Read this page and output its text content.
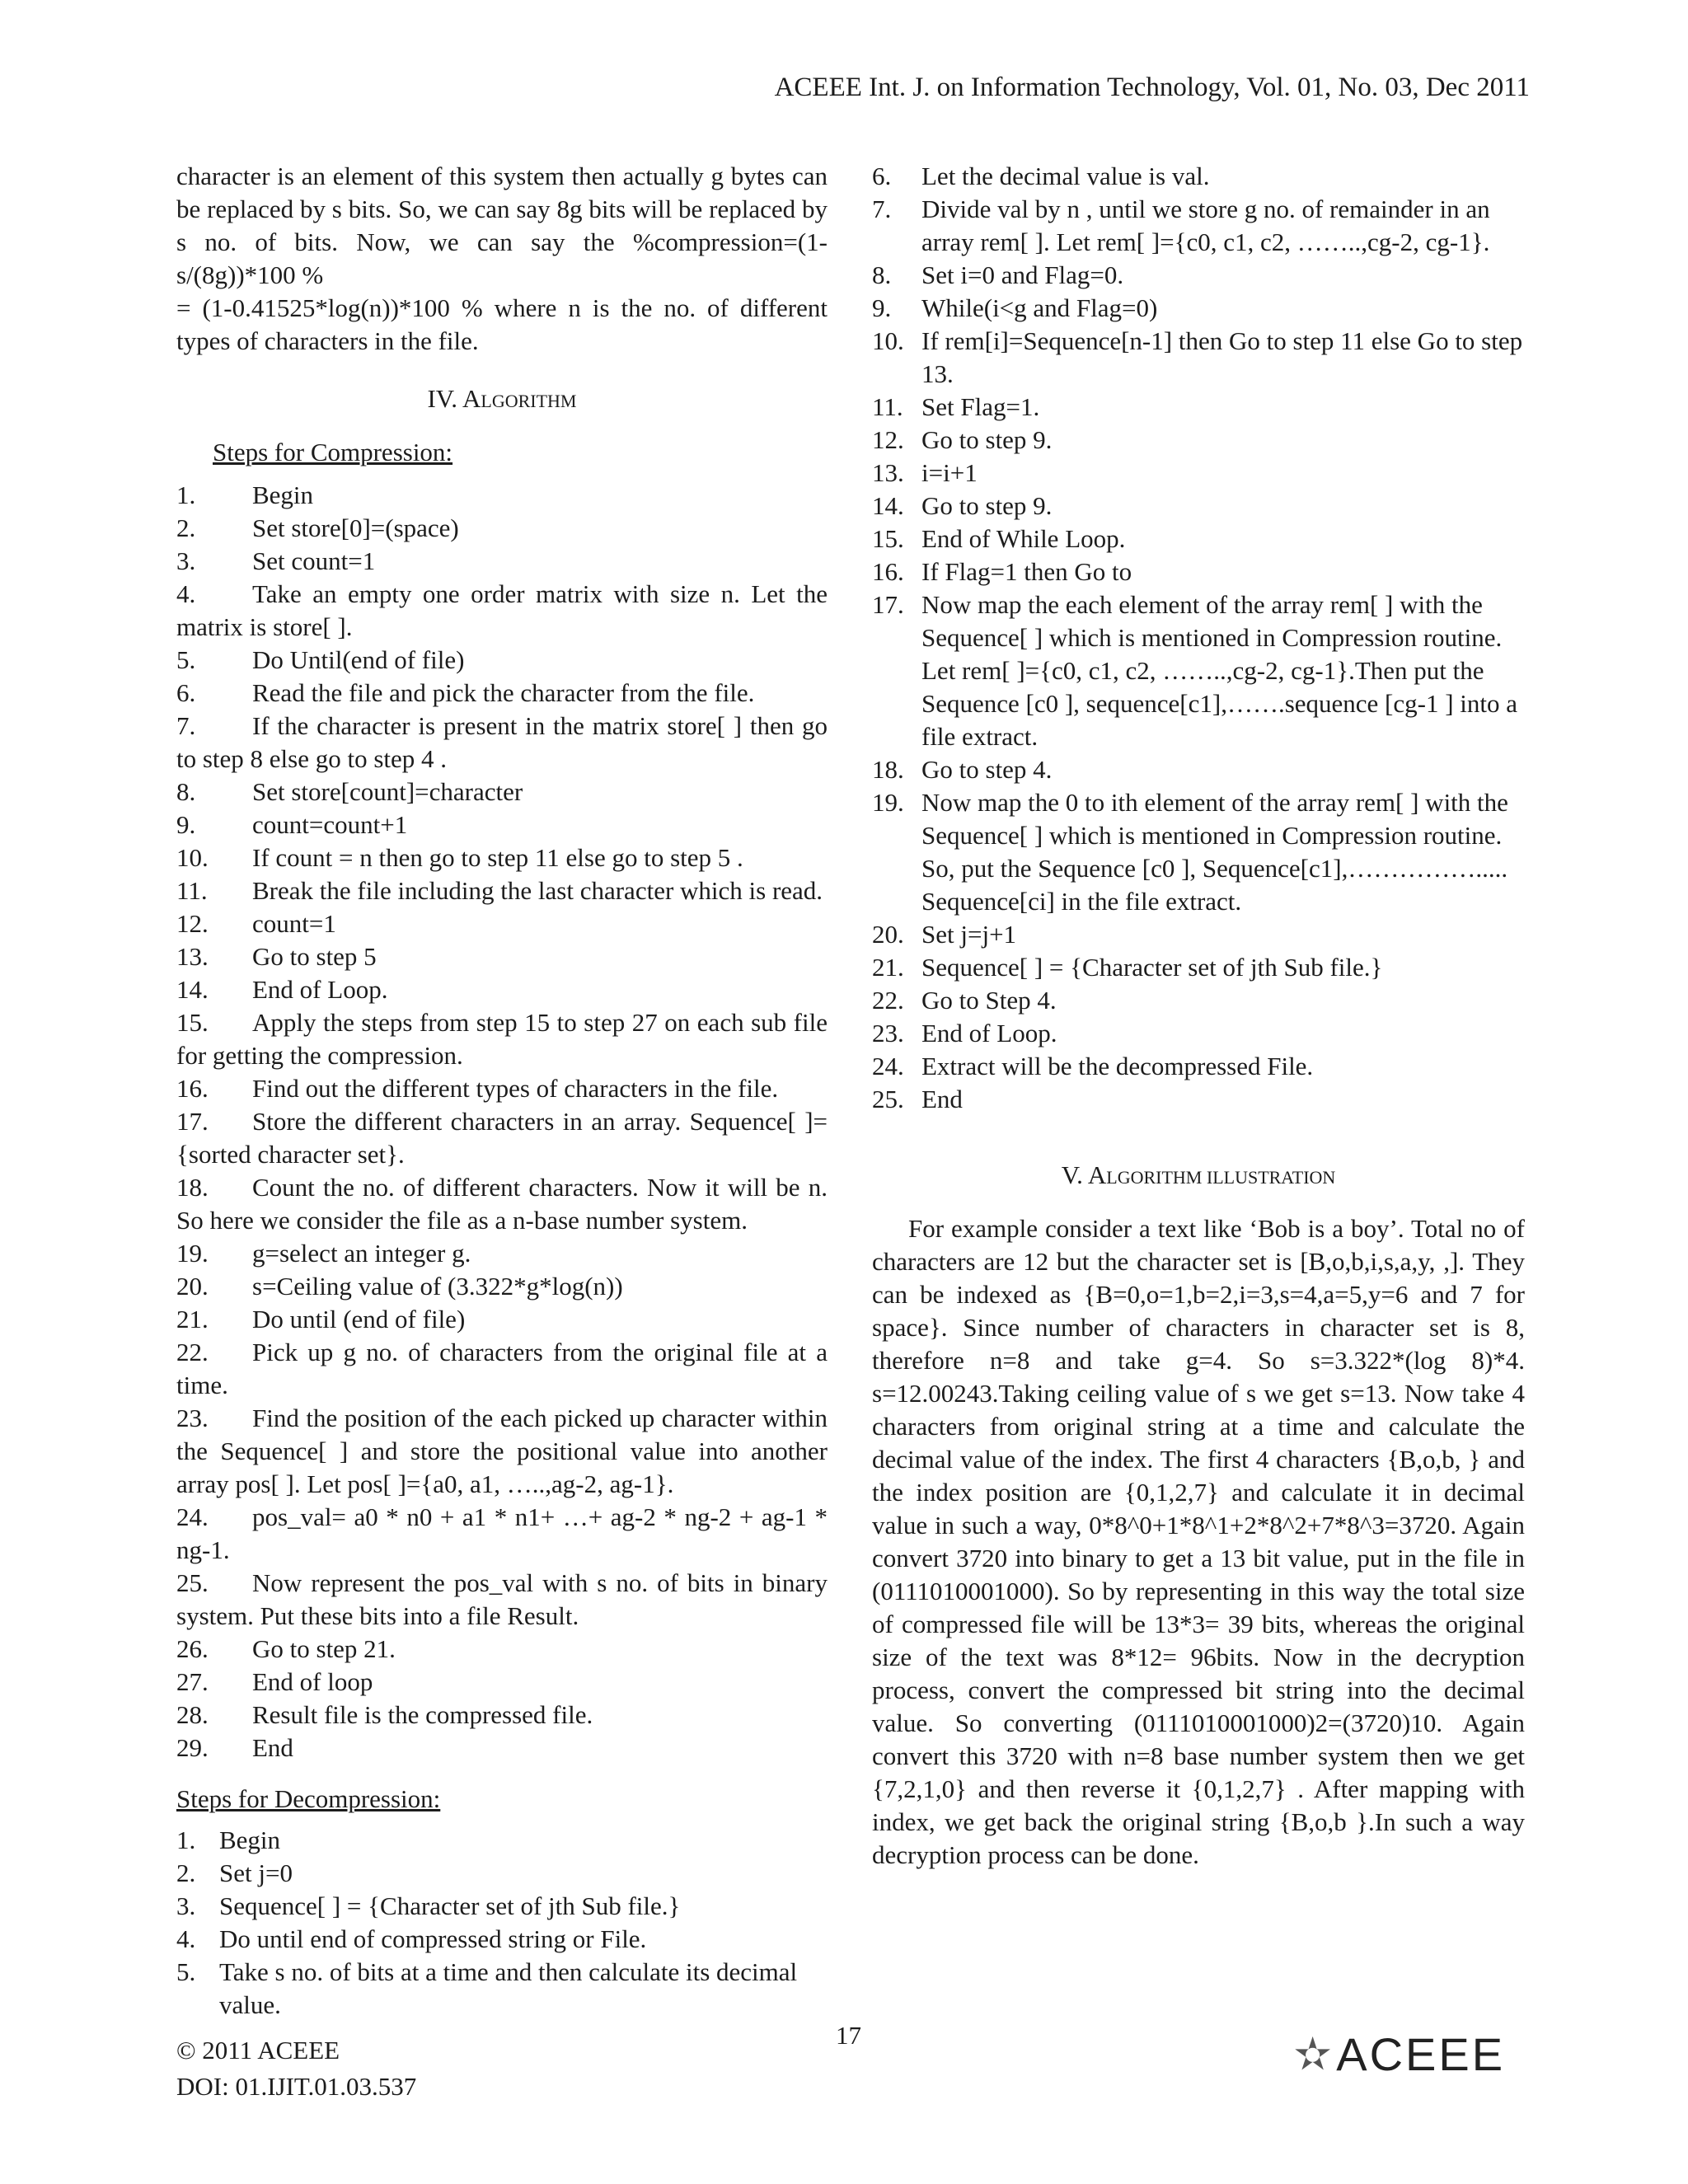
ACEEE Int. J. on Information Technology, Vol. 01, No. 03, Dec 2011

character is an element of this system then actually g bytes can be replaced by s bits. So, we can say 8g bits will be replaced by s no. of bits. Now, we can say the %compression=(1-s/(8g))*100 %

= (1-0.41525*log(n))*100 % where n is the no. of different types of characters in the file.

IV. ALGORITHM

Steps for Compression:

1.	Begin
2.	Set store[0]=(space)
3.	Set count=1
4. Take an empty one order matrix with size n. Let the matrix is store[ ].
5.	Do Until(end of file)
6.	Read the file and pick the character from the file.
7. If the character is present in the matrix store[ ] then go to step 8 else go to step 4 .
8.	Set store[count]=character
9.	count=count+1
10.	If count = n then go to step 11 else go to step 5 .
11. Break the file including the last character which is read.
12.	count=1
13.	Go to step 5
14.	End of Loop.
15. Apply the steps from step 15 to step 27 on each sub file for getting the compression.
16. Find out the different types of characters in the file.
17. Store the different characters in an array. Sequence[ ]={sorted character set}.
18. Count the no. of different characters. Now it will be n. So here we consider the file as a n-base number system.
19.	g=select an integer g.
20.	s=Ceiling value of (3.322*g*log(n))
21.	Do until (end of file)
22. Pick up g no. of characters from the original file at a time.
23. Find the position of the each picked up character within the Sequence[ ] and store the positional value into another array pos[ ]. Let pos[ ]={a0, a1, …..,ag-2, ag-1}.
24. pos_val= a0 * n0 + a1 * n1+ …+ ag-2 * ng-2 + ag-1 * ng-1.
25. Now represent the pos_val with s no. of bits in binary system. Put these bits into a file Result.
26.	Go to step 21.
27.	End of loop
28.	Result file is the compressed file.
29.	End

Steps for Decompression:

1. Begin
2. Set j=0
3. Sequence[ ] = {Character set of jth Sub file.}
4. Do until end of compressed string or File.
5. Take s no. of bits at a time and then calculate its decimal value.
6.	Let the decimal value is val.
7.	Divide val by n , until we store g no. of remainder in an array rem[ ]. Let rem[ ]={c0, c1, c2, ……..,cg-2, cg-1}.
8.	Set i=0 and Flag=0.
9.	While(i<g and Flag=0)
10. If rem[i]=Sequence[n-1] then Go to step 11 else Go to step 13.
11. Set Flag=1.
12. Go to step 9.
13. i=i+1
14. Go to step 9.
15. End of While Loop.
16. If Flag=1 then Go to
17. Now map the each element of the array rem[ ] with the Sequence[ ] which is mentioned in Compression routine. Let rem[ ]={c0, c1, c2, ……..,cg-2, cg-1}.Then put the Sequence [c0 ], sequence[c1],…….sequence [cg-1 ] into a file extract.
18. Go to step 4.
19. Now map the 0 to ith element of the array rem[ ] with the Sequence[ ] which is mentioned in Compression routine. So, put the Sequence [c0 ], Sequence[c1],……………..... Sequence[ci] in the file extract.
20. Set j=j+1
21. Sequence[ ] = {Character set of jth Sub file.}
22. Go to Step 4.
23. End of Loop.
24. Extract will be the decompressed File.
25. End
V. ALGORITHM ILLUSTRATION

For example consider a text like ‘Bob is a boy’. Total no of characters are 12 but the character set is [B,o,b,i,s,a,y, ,]. They can be indexed as {B=0,o=1,b=2,i=3,s=4,a=5,y=6 and 7 for space}. Since number of characters in character set is 8, therefore n=8 and take g=4. So s=3.322*(log 8)*4. s=12.00243.Taking ceiling value of s we get s=13. Now take 4 characters from original string at a time and calculate the decimal value of the index. The first 4 characters {B,o,b, } and the index position are {0,1,2,7} and calculate it in decimal value in such a way, 0*8^0+1*8^1+2*8^2+7*8^3=3720. Again convert 3720 into binary to get a 13 bit value, put in the file in (0111010001000). So by representing in this way the total size of compressed file will be 13*3= 39 bits, whereas the original size of the text was 8*12= 96bits. Now in the decryption process, convert the compressed bit string into the decimal value. So converting (0111010001000)2=(3720)10. Again convert this 3720 with n=8 base number system then we get {7,2,1,0} and then reverse it {0,1,2,7} . After mapping with index, we get back the original string {B,o,b }.In such a way decryption process can be done.

17
© 2011 ACEEE
DOI: 01.IJIT.01.03.537
✫ ACEEE
